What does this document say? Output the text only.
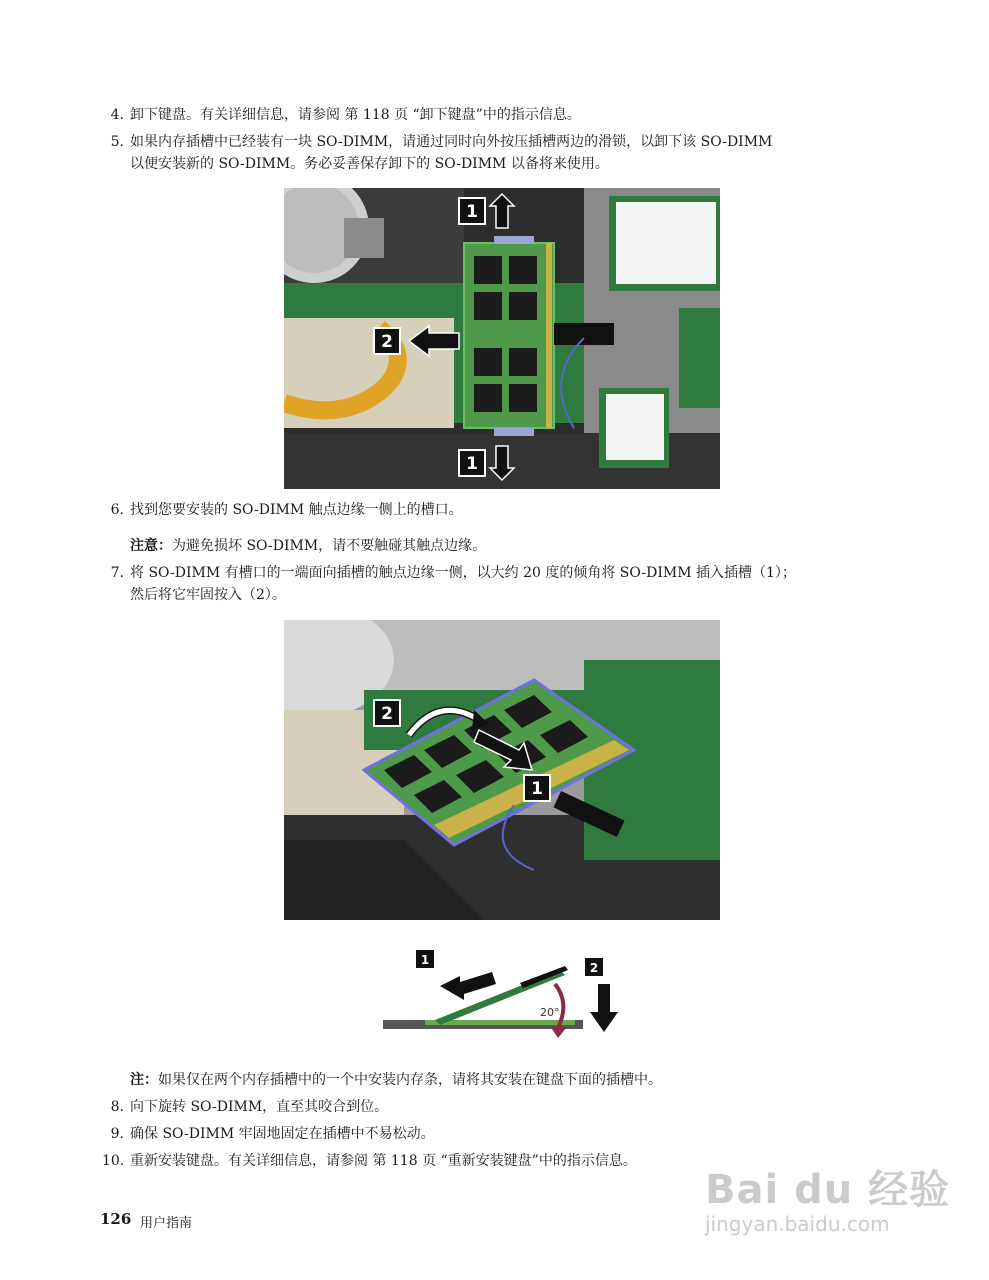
4. 卸下键盘。有关详细信息，请参阅 第 118 页 “卸下键盘”中的指示信息。
5. 如果内存插槽中已经装有一块 SO-DIMM，请通过同时向外按压插槽两边的滑锁，以卸下该 SO-DIMM
以便安装新的 SO-DIMM。务必妥善保存卸下的 SO-DIMM 以备将来使用。
1
2
1
6. 找到您要安装的 SO-DIMM 触点边缘一侧上的槽口。
注意：为避免损坏 SO-DIMM，请不要触碰其触点边缘。
7. 将 SO-DIMM 有槽口的一端面向插槽的触点边缘一侧，以大约 20 度的倾角将 SO-DIMM 插入插槽（1）；
然后将它牢固按入（2）。
2
1
20°
1
2
注：如果仅在两个内存插槽中的一个中安装内存条，请将其安装在键盘下面的插槽中。
8. 向下旋转 SO-DIMM，直至其咬合到位。
9. 确保 SO-DIMM 牢固地固定在插槽中不易松动。
10. 重新安装键盘。有关详细信息，请参阅 第 118 页 “重新安装键盘”中的指示信息。
126 用户指南
Bai du 经验
jingyan.baidu.com
